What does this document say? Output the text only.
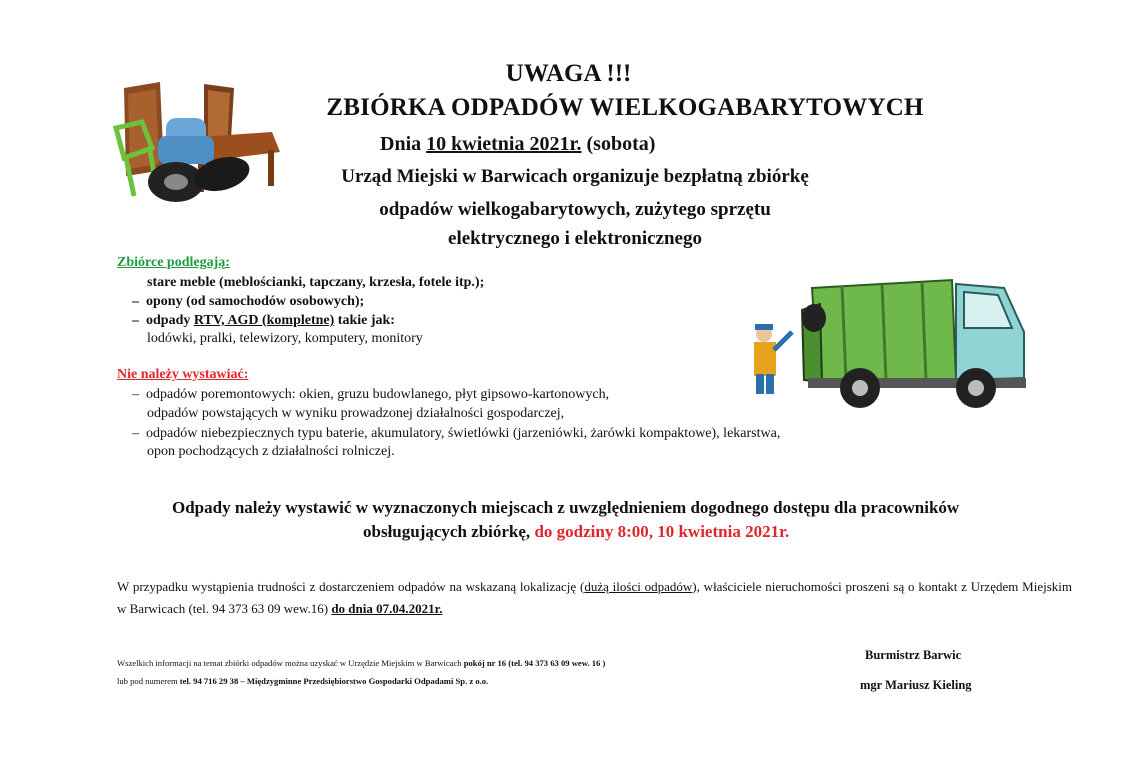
UWAGA !!!
ZBIÓRKA ODPADÓW WIELKOGABARYTOWYCH
Dnia 10 kwietnia 2021r. (sobota)
Urząd Miejski w Barwicach organizuje bezpłatną zbiórkę
odpadów wielkogabarytowych, zużytego sprzętu
elektrycznego i elektronicznego
Zbiórce podlegają:
stare meble (meblościanki, tapczany, krzesła, fotele itp.);
– opony (od samochodów osobowych);
– odpady RTV, AGD (kompletne) takie jak:
lodówki, pralki, telewizory, komputery, monitory
Nie należy wystawiać:
– odpadów poremontowych: okien, gruzu budowlanego, płyt gipsowo-kartonowych,
odpadów powstających w wyniku prowadzonej działalności gospodarczej,
– odpadów niebezpiecznych typu baterie, akumulatory, świetlówki (jarzeniówki, żarówki kompaktowe), lekarstwa,
opon pochodzących z działalności rolniczej.
Odpady należy wystawić w wyznaczonych miejscach z uwzględnieniem dogodnego dostępu dla pracowników
obsługujących zbiórkę, do godziny 8:00, 10 kwietnia 2021r.
W przypadku wystąpienia trudności z dostarczeniem odpadów na wskazaną lokalizację (dużą ilości odpadów), właściciele nieruchomości proszeni są o kontakt z Urzędem Miejskim w Barwicach (tel. 94 373 63 09 wew.16) do dnia 07.04.2021r.
Wszelkich informacji na temat zbiórki odpadów można uzyskać w Urzędzie Miejskim w Barwicach pokój nr 16 (tel. 94 373 63 09 wew. 16 )
lub pod numerem tel. 94 716 29 38 – Międzygminne Przedsiębiorstwo Gospodarki Odpadami Sp. z o.o.
Burmistrz Barwic
mgr Mariusz Kieling
